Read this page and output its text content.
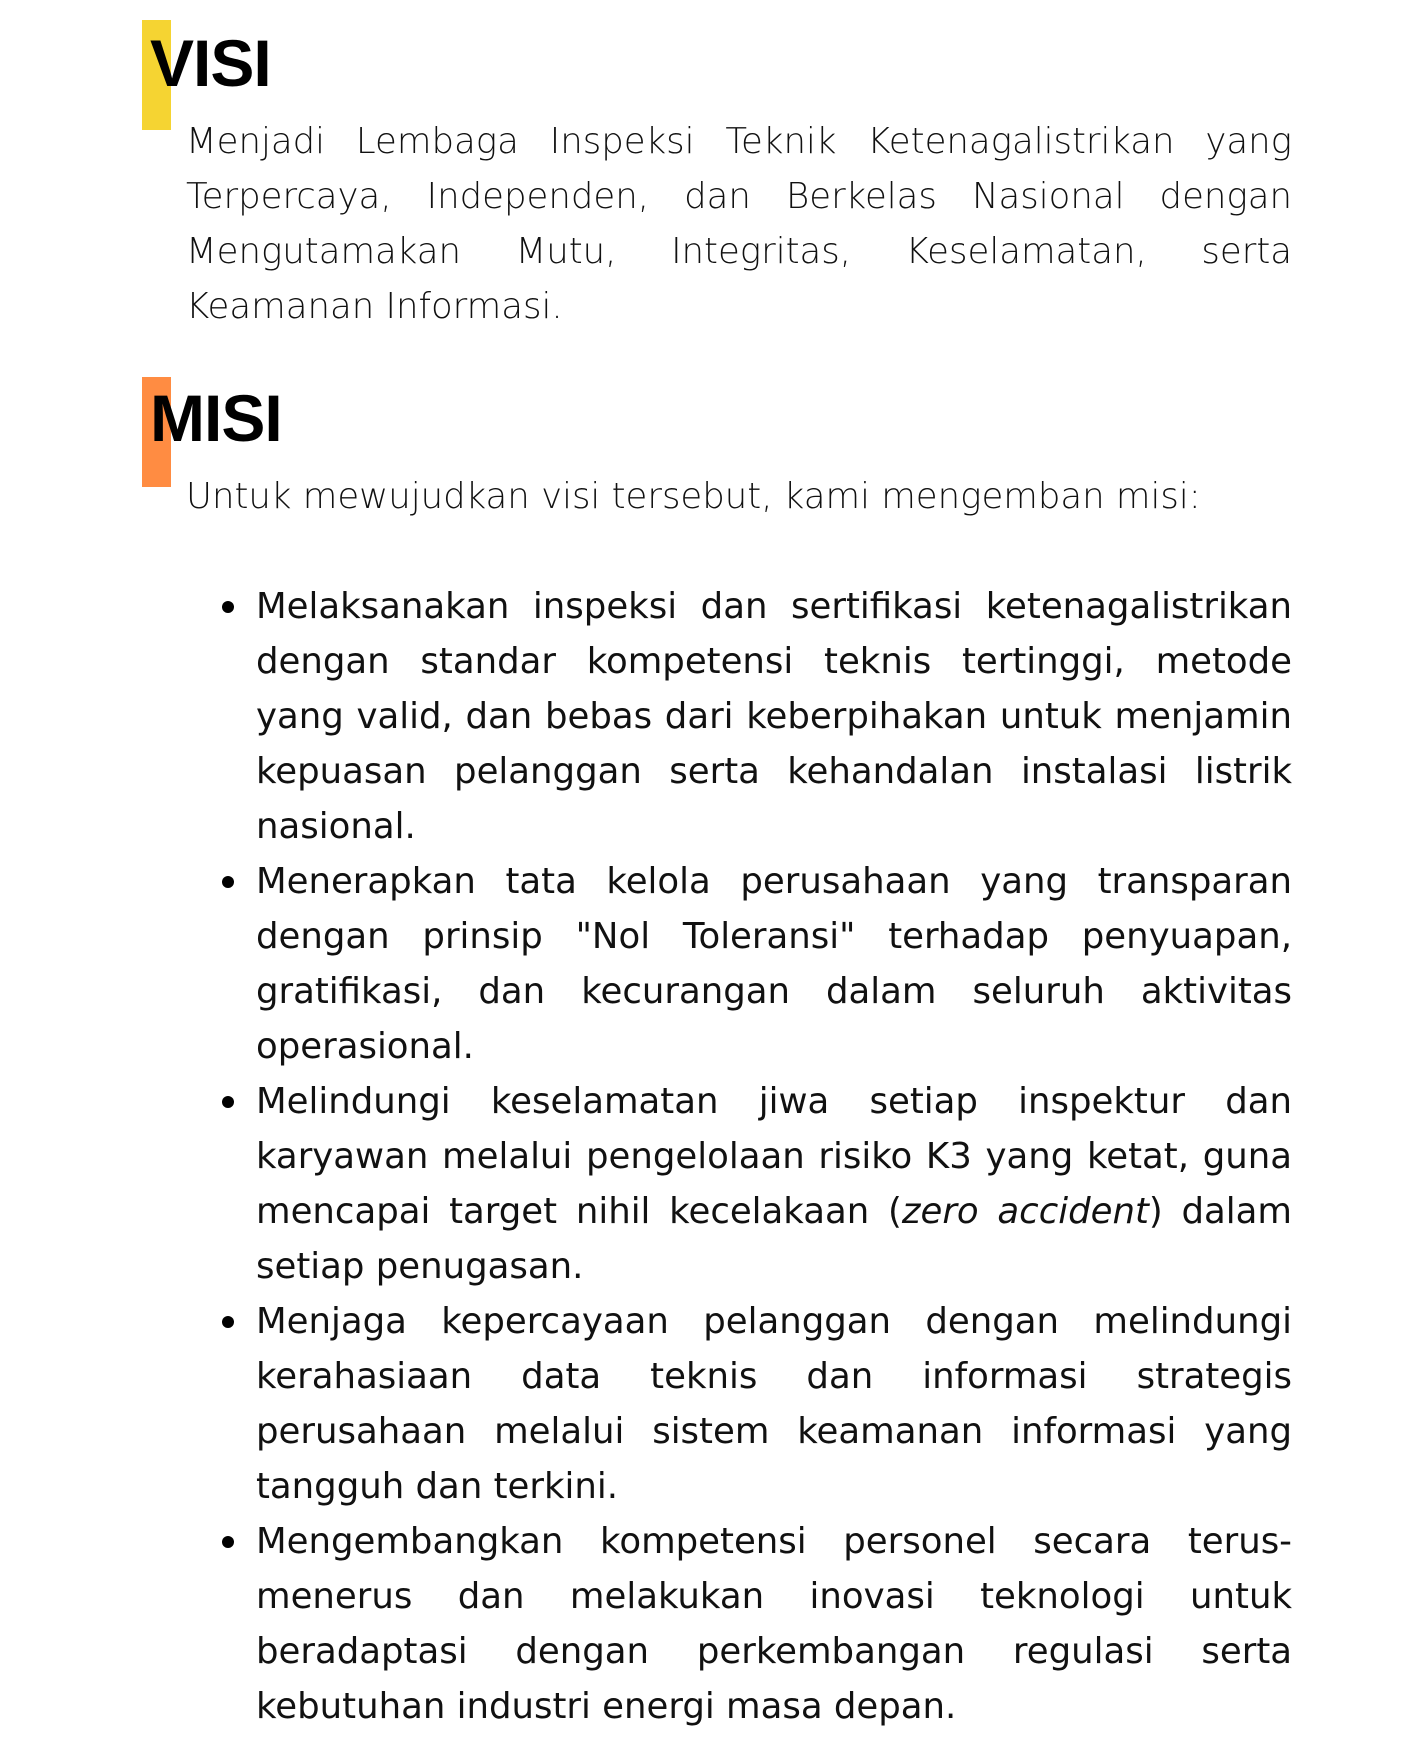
VISI

Menjadi Lembaga Inspeksi Teknik Ketenagalistrikan yang Terpercaya, Independen, dan Berkelas Nasional dengan Mengutamakan Mutu, Integritas, Keselamatan, serta Keamanan Informasi.

MISI

Untuk mewujudkan visi tersebut, kami mengemban misi:

Melaksanakan inspeksi dan sertifikasi ketenagalistrikan dengan standar kompetensi teknis tertinggi, metode yang valid, dan bebas dari keberpihakan untuk menjamin kepuasan pelanggan serta kehandalan instalasi listrik nasional.
Menerapkan tata kelola perusahaan yang transparan dengan prinsip "Nol Toleransi" terhadap penyuapan, gratifikasi, dan kecurangan dalam seluruh aktivitas operasional.
Melindungi keselamatan jiwa setiap inspektur dan karyawan melalui pengelolaan risiko K3 yang ketat, guna mencapai target nihil kecelakaan (zero accident) dalam setiap penugasan.
Menjaga kepercayaan pelanggan dengan melindungi kerahasiaan data teknis dan informasi strategis perusahaan melalui sistem keamanan informasi yang tangguh dan terkini.
Mengembangkan kompetensi personel secara terus-menerus dan melakukan inovasi teknologi untuk beradaptasi dengan perkembangan regulasi serta kebutuhan industri energi masa depan.
